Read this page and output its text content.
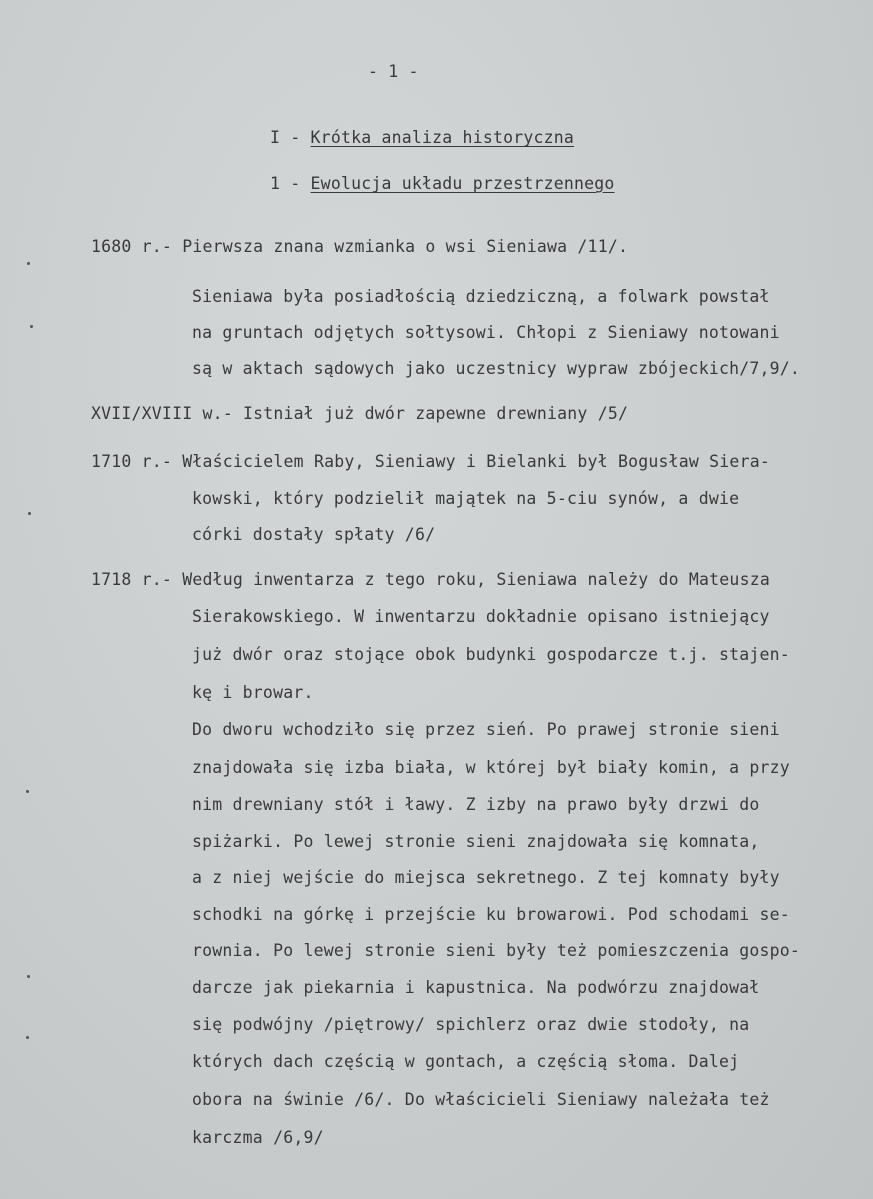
- 1 -
I - Krótka analiza historyczna
1 - Ewolucja układu przestrzennego
1680 r.- Pierwsza znana wzmianka o wsi Sieniawa /11/.
Sieniawa była posiadłością dziedziczną, a folwark powstał
na gruntach odjętych sołtysowi. Chłopi z Sieniawy notowani
są w aktach sądowych jako uczestnicy wypraw zbójeckich/7,9/.
XVII/XVIII w.- Istniał już dwór zapewne drewniany /5/
1710 r.- Właścicielem Raby, Sieniawy i Bielanki był Bogusław Siera-
kowski, który podzielił majątek na 5-ciu synów, a dwie
córki dostały spłaty /6/
1718 r.- Według inwentarza z tego roku, Sieniawa należy do Mateusza
Sierakowskiego. W inwentarzu dokładnie opisano istniejący
już dwór oraz stojące obok budynki gospodarcze t.j. stajen-
kę i browar.
Do dworu wchodziło się przez sień. Po prawej stronie sieni
znajdowała się izba biała, w której był biały komin, a przy
nim drewniany stół i ławy. Z izby na prawo były drzwi do
spiżarki. Po lewej stronie sieni znajdowała się komnata,
a z niej wejście do miejsca sekretnego. Z tej komnaty były
schodki na górkę i przejście ku browarowi. Pod schodami se-
rownia. Po lewej stronie sieni były też pomieszczenia gospo-
darcze jak piekarnia i kapustnica. Na podwórzu znajdował
się podwójny /piętrowy/ spichlerz oraz dwie stodoły, na
których dach częścią w gontach, a częścią słoma. Dalej
obora na świnie /6/. Do właścicieli Sieniawy należała też
karczma /6,9/
